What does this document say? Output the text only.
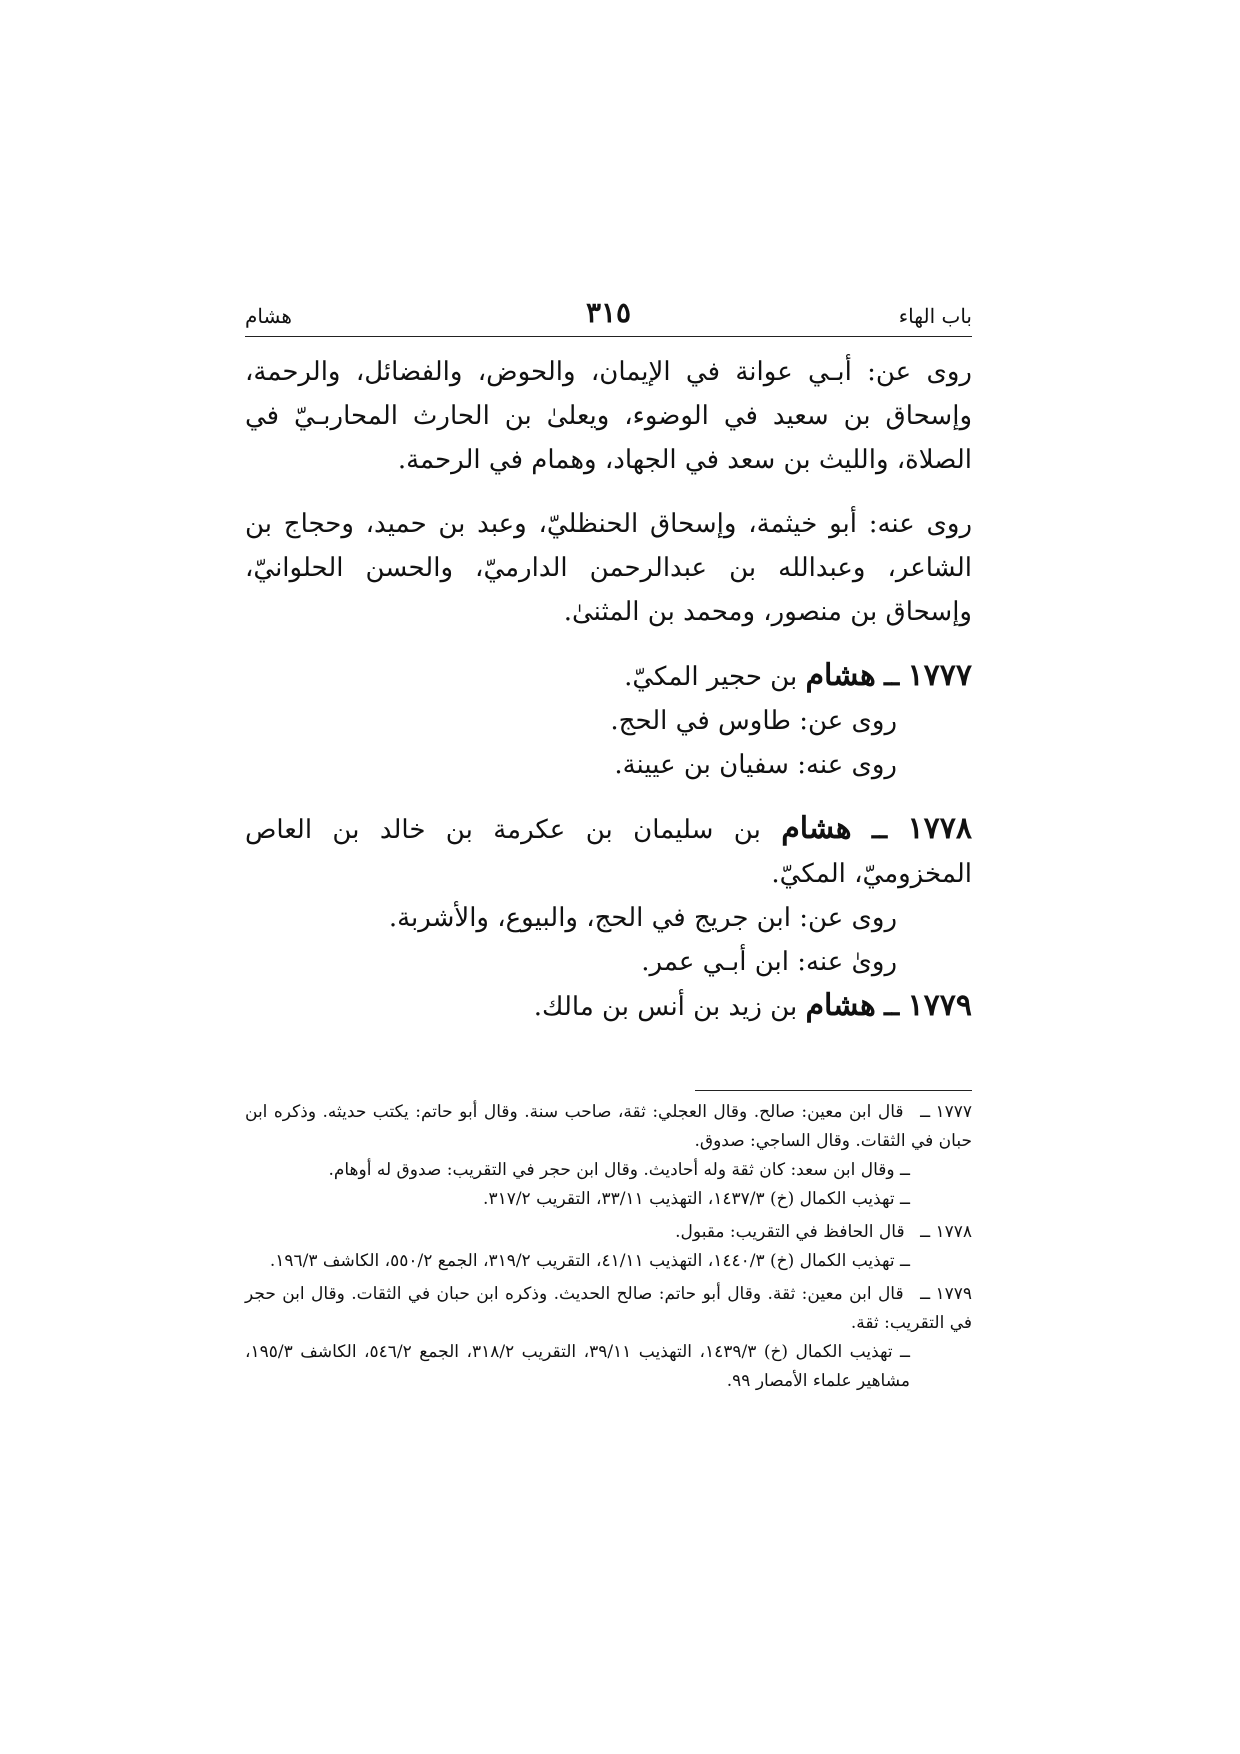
باب الهاء
٣١٥
هشام

روى عن: أبـي عوانة في الإيمان، والحوض، والفضائل، والرحمة، وإسحاق بن سعيد في الوضوء، ويعلىٰ بن الحارث المحاربـيّ في الصلاة، والليث بن سعد في الجهاد، وهمام في الرحمة.

روى عنه: أبو خيثمة، وإسحاق الحنظليّ، وعبد بن حميد، وحجاج بن الشاعر، وعبدالله بن عبدالرحمن الدارميّ، والحسن الحلوانيّ، وإسحاق بن منصور، ومحمد بن المثنىٰ.

١٧٧٧ ــ هشام بن حجير المكيّ.

روى عن: طاوس في الحج.

روى عنه: سفيان بن عيينة.

١٧٧٨ ــ هشام بن سليمان بن عكرمة بن خالد بن العاص المخزوميّ، المكيّ.

روى عن: ابن جريج في الحج، والبيوع، والأشربة.

روىٰ عنه: ابن أبـي عمر.

١٧٧٩ ــ هشام بن زيد بن أنس بن مالك.

١٧٧٧ ــ قال ابن معين: صالح. وقال العجلي: ثقة، صاحب سنة. وقال أبو حاتم: يكتب حديثه. وذكره ابن حبان في الثقات. وقال الساجي: صدوق.
ــ وقال ابن سعد: كان ثقة وله أحاديث. وقال ابن حجر في التقريب: صدوق له أوهام.
ــ تهذيب الكمال (خ) ١٤٣٧/٣، التهذيب ٣٣/١١، التقريب ٣١٧/٢.
١٧٧٨ ــ قال الحافظ في التقريب: مقبول.
ــ تهذيب الكمال (خ) ١٤٤٠/٣، التهذيب ٤١/١١، التقريب ٣١٩/٢، الجمع ٥٥٠/٢، الكاشف ١٩٦/٣.
١٧٧٩ ــ قال ابن معين: ثقة. وقال أبو حاتم: صالح الحديث. وذكره ابن حبان في الثقات. وقال ابن حجر في التقريب: ثقة.
ــ تهذيب الكمال (خ) ١٤٣٩/٣، التهذيب ٣٩/١١، التقريب ٣١٨/٢، الجمع ٥٤٦/٢، الكاشف ١٩٥/٣، مشاهير علماء الأمصار ٩٩.
